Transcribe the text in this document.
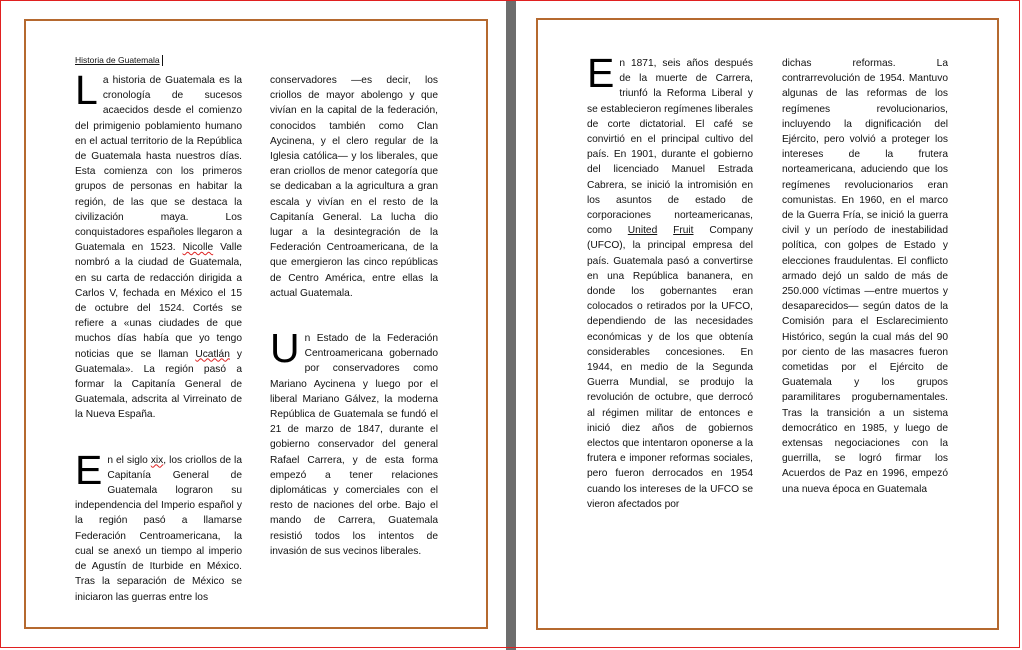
Historia de Guatemala

La historia de Guatemala es la cronología de sucesos acaecidos desde el comienzo del primigenio poblamiento humano en el actual territorio de la República de Guatemala hasta nuestros días. Esta comienza con los primeros grupos de personas en habitar la región, de las que se destaca la civilización maya. Los conquistadores españoles llegaron a Guatemala en 1523. Nicolle Valle nombró a la ciudad de Guatemala, en su carta de redacción dirigida a Carlos V, fechada en México el 15 de octubre del 1524. Cortés se refiere a «unas ciudades de que muchos días había que yo tengo noticias que se llaman Ucatlán y Guatemala». La región pasó a formar la Capitanía General de Guatemala, adscrita al Virreinato de la Nueva España.

En el siglo xix, los criollos de la Capitanía General de Guatemala lograron su independencia del Imperio español y la región pasó a llamarse Federación Centroamericana, la cual se anexó un tiempo al imperio de Agustín de Iturbide en México. Tras la separación de México se iniciaron las guerras entre los

conservadores —es decir, los criollos de mayor abolengo y que vivían en la capital de la federación, conocidos también como Clan Aycinena, y el clero regular de la Iglesia católica— y los liberales, que eran criollos de menor categoría que se dedicaban a la agricultura a gran escala y vivían en el resto de la Capitanía General. La lucha dio lugar a la desintegración de la Federación Centroamericana, de la que emergieron las cinco repúblicas de Centro América, entre ellas la actual Guatemala.

Un Estado de la Federación Centroamericana gobernado por conservadores como Mariano Aycinena y luego por el liberal Mariano Gálvez, la moderna República de Guatemala se fundó el 21 de marzo de 1847, durante el gobierno conservador del general Rafael Carrera, y de esta forma empezó a tener relaciones diplomáticas y comerciales con el resto de naciones del orbe. Bajo el mando de Carrera, Guatemala resistió todos los intentos de invasión de sus vecinos liberales.

En 1871, seis años después de la muerte de Carrera, triunfó la Reforma Liberal y se establecieron regímenes liberales de corte dictatorial. El café se convirtió en el principal cultivo del país. En 1901, durante el gobierno del licenciado Manuel Estrada Cabrera, se inició la intromisión en los asuntos de estado de corporaciones norteamericanas, como United Fruit Company (UFCO), la principal empresa del país. Guatemala pasó a convertirse en una República bananera, en donde los gobernantes eran colocados o retirados por la UFCO, dependiendo de las necesidades económicas y de los que obtenía considerables concesiones. En 1944, en medio de la Segunda Guerra Mundial, se produjo la revolución de octubre, que derrocó al régimen militar de entonces e inició diez años de gobiernos electos que intentaron oponerse a la frutera e imponer reformas sociales, pero fueron derrocados en 1954 cuando los intereses de la UFCO se vieron afectados por

dichas reformas. La contrarrevolución de 1954. Mantuvo algunas de las reformas de los regímenes revolucionarios, incluyendo la dignificación del Ejército, pero volvió a proteger los intereses de la frutera norteamericana, aduciendo que los regímenes revolucionarios eran comunistas. En 1960, en el marco de la Guerra Fría, se inició la guerra civil y un período de inestabilidad política, con golpes de Estado y elecciones fraudulentas. El conflicto armado dejó un saldo de más de 250.000 víctimas —entre muertos y desaparecidos— según datos de la Comisión para el Esclarecimiento Histórico, según la cual más del 90 por ciento de las masacres fueron cometidas por el Ejército de Guatemala y los grupos paramilitares progubernamentales. Tras la transición a un sistema democrático en 1985, y luego de extensas negociaciones con la guerrilla, se logró firmar los Acuerdos de Paz en 1996, empezó una nueva época en Guatemala
